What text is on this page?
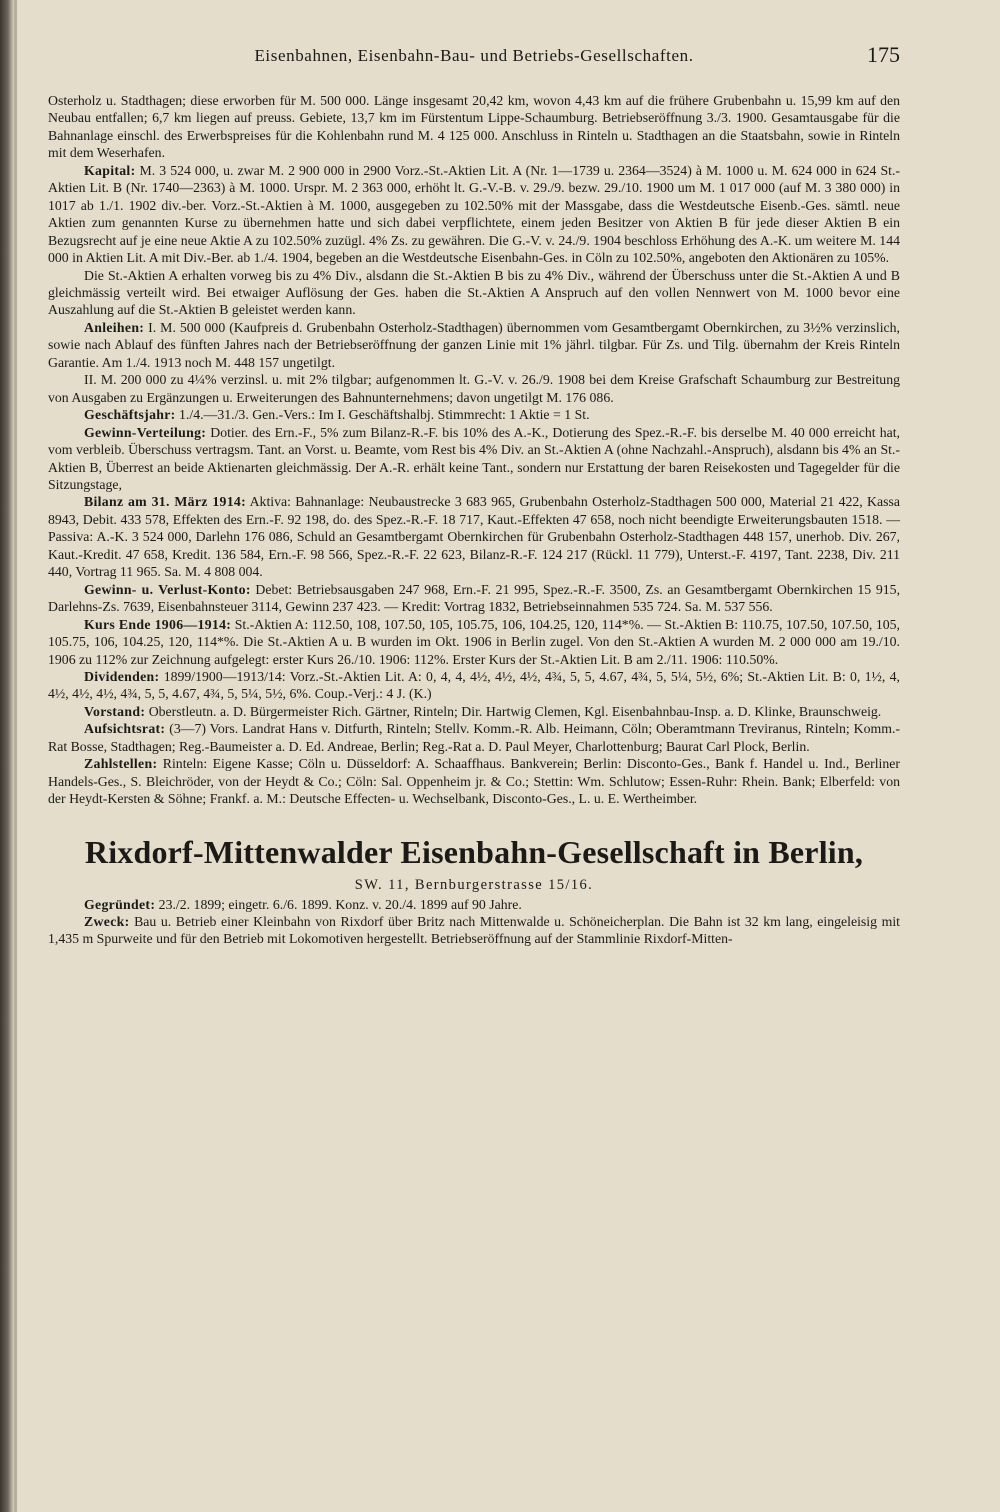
Eisenbahnen, Eisenbahn-Bau- und Betriebs-Gesellschaften.	175

Osterholz u. Stadthagen; diese erworben für M. 500 000. Länge insgesamt 20,42 km, wovon 4,43 km auf die frühere Grubenbahn u. 15,99 km auf den Neubau entfallen; 6,7 km liegen auf preuss. Gebiete, 13,7 km im Fürstentum Lippe-Schaumburg. Betriebseröffnung 3./3. 1900. Gesamtausgabe für die Bahnanlage einschl. des Erwerbspreises für die Kohlenbahn rund M. 4 125 000. Anschluss in Rinteln u. Stadthagen an die Staatsbahn, sowie in Rinteln mit dem Weserhafen.

Kapital: M. 3 524 000, u. zwar M. 2 900 000 in 2900 Vorz.-St.-Aktien Lit. A (Nr. 1—1739 u. 2364—3524) à M. 1000 u. M. 624 000 in 624 St.-Aktien Lit. B (Nr. 1740—2363) à M. 1000. Urspr. M. 2 363 000, erhöht lt. G.-V.-B. v. 29./9. bezw. 29./10. 1900 um M. 1 017 000 (auf M. 3 380 000) in 1017 ab 1./1. 1902 div.-ber. Vorz.-St.-Aktien à M. 1000, ausgegeben zu 102.50% mit der Massgabe, dass die Westdeutsche Eisenb.-Ges. sämtl. neue Aktien zum genannten Kurse zu übernehmen hatte und sich dabei verpflichtete, einem jeden Besitzer von Aktien B für jede dieser Aktien B ein Bezugsrecht auf je eine neue Aktie A zu 102.50% zuzügl. 4% Zs. zu gewähren. Die G.-V. v. 24./9. 1904 beschloss Erhöhung des A.-K. um weitere M. 144 000 in Aktien Lit. A mit Div.-Ber. ab 1./4. 1904, begeben an die Westdeutsche Eisenbahn-Ges. in Cöln zu 102.50%, angeboten den Aktionären zu 105%.

Die St.-Aktien A erhalten vorweg bis zu 4% Div., alsdann die St.-Aktien B bis zu 4% Div., während der Überschuss unter die St.-Aktien A und B gleichmässig verteilt wird. Bei etwaiger Auflösung der Ges. haben die St.-Aktien A Anspruch auf den vollen Nennwert von M. 1000 bevor eine Auszahlung auf die St.-Aktien B geleistet werden kann.

Anleihen: I. M. 500 000 (Kaufpreis d. Grubenbahn Osterholz-Stadthagen) übernommen vom Gesamtbergamt Obernkirchen, zu 3½% verzinslich, sowie nach Ablauf des fünften Jahres nach der Betriebseröffnung der ganzen Linie mit 1% jährl. tilgbar. Für Zs. und Tilg. übernahm der Kreis Rinteln Garantie. Am 1./4. 1913 noch M. 448 157 ungetilgt.

II. M. 200 000 zu 4¼% verzinsl. u. mit 2% tilgbar; aufgenommen lt. G.-V. v. 26./9. 1908 bei dem Kreise Grafschaft Schaumburg zur Bestreitung von Ausgaben zu Ergänzungen u. Erweiterungen des Bahnunternehmens; davon ungetilgt M. 176 086.

Geschäftsjahr: 1./4.—31./3. Gen.-Vers.: Im I. Geschäftshalbj. Stimmrecht: 1 Aktie = 1 St.

Gewinn-Verteilung: Dotier. des Ern.-F., 5% zum Bilanz-R.-F. bis 10% des A.-K., Dotierung des Spez.-R.-F. bis derselbe M. 40 000 erreicht hat, vom verbleib. Überschuss vertragsm. Tant. an Vorst. u. Beamte, vom Rest bis 4% Div. an St.-Aktien A (ohne Nachzahl.-Anspruch), alsdann bis 4% an St.-Aktien B, Überrest an beide Aktienarten gleichmässig. Der A.-R. erhält keine Tant., sondern nur Erstattung der baren Reisekosten und Tagegelder für die Sitzungstage,

Bilanz am 31. März 1914: Aktiva: Bahnanlage: Neubaustrecke 3 683 965, Grubenbahn Osterholz-Stadthagen 500 000, Material 21 422, Kassa 8943, Debit. 433 578, Effekten des Ern.-F. 92 198, do. des Spez.-R.-F. 18 717, Kaut.-Effekten 47 658, noch nicht beendigte Erweiterungsbauten 1518. — Passiva: A.-K. 3 524 000, Darlehn 176 086, Schuld an Gesamtbergamt Obernkirchen für Grubenbahn Osterholz-Stadthagen 448 157, unerhob. Div. 267, Kaut.-Kredit. 47 658, Kredit. 136 584, Ern.-F. 98 566, Spez.-R.-F. 22 623, Bilanz-R.-F. 124 217 (Rückl. 11 779), Unterst.-F. 4197, Tant. 2238, Div. 211 440, Vortrag 11 965. Sa. M. 4 808 004.

Gewinn- u. Verlust-Konto: Debet: Betriebsausgaben 247 968, Ern.-F. 21 995, Spez.-R.-F. 3500, Zs. an Gesamtbergamt Obernkirchen 15 915, Darlehns-Zs. 7639, Eisenbahnsteuer 3114, Gewinn 237 423. — Kredit: Vortrag 1832, Betriebseinnahmen 535 724. Sa. M. 537 556.

Kurs Ende 1906—1914: St.-Aktien A: 112.50, 108, 107.50, 105, 105.75, 106, 104.25, 120, 114*%. — St.-Aktien B: 110.75, 107.50, 107.50, 105, 105.75, 106, 104.25, 120, 114*%. Die St.-Aktien A u. B wurden im Okt. 1906 in Berlin zugel. Von den St.-Aktien A wurden M. 2 000 000 am 19./10. 1906 zu 112% zur Zeichnung aufgelegt: erster Kurs 26./10. 1906: 112%. Erster Kurs der St.-Aktien Lit. B am 2./11. 1906: 110.50%.

Dividenden: 1899/1900—1913/14: Vorz.-St.-Aktien Lit. A: 0, 4, 4, 4½, 4½, 4½, 4¾, 5, 5, 4.67, 4¾, 5, 5¼, 5½, 6%; St.-Aktien Lit. B: 0, 1½, 4, 4½, 4½, 4½, 4¾, 5, 5, 4.67, 4¾, 5, 5¼, 5½, 6%. Coup.-Verj.: 4 J. (K.)

Vorstand: Oberstleutn. a. D. Bürgermeister Rich. Gärtner, Rinteln; Dir. Hartwig Clemen, Kgl. Eisenbahnbau-Insp. a. D. Klinke, Braunschweig.

Aufsichtsrat: (3—7) Vors. Landrat Hans v. Ditfurth, Rinteln; Stellv. Komm.-R. Alb. Heimann, Cöln; Oberamtmann Treviranus, Rinteln; Komm.-Rat Bosse, Stadthagen; Reg.-Baumeister a. D. Ed. Andreae, Berlin; Reg.-Rat a. D. Paul Meyer, Charlottenburg; Baurat Carl Plock, Berlin.

Zahlstellen: Rinteln: Eigene Kasse; Cöln u. Düsseldorf: A. Schaaffhaus. Bankverein; Berlin: Disconto-Ges., Bank f. Handel u. Ind., Berliner Handels-Ges., S. Bleichröder, von der Heydt & Co.; Cöln: Sal. Oppenheim jr. & Co.; Stettin: Wm. Schlutow; Essen-Ruhr: Rhein. Bank; Elberfeld: von der Heydt-Kersten & Söhne; Frankf. a. M.: Deutsche Effecten- u. Wechselbank, Disconto-Ges., L. u. E. Wertheimber.

Rixdorf-Mittenwalder Eisenbahn-Gesellschaft in Berlin,
SW. 11, Bernburgerstrasse 15/16.

Gegründet: 23./2. 1899; eingetr. 6./6. 1899. Konz. v. 20./4. 1899 auf 90 Jahre.

Zweck: Bau u. Betrieb einer Kleinbahn von Rixdorf über Britz nach Mittenwalde u. Schöneicherplan. Die Bahn ist 32 km lang, eingeleisig mit 1,435 m Spurweite und für den Betrieb mit Lokomotiven hergestellt. Betriebseröffnung auf der Stammlinie Rixdorf-Mitten-
